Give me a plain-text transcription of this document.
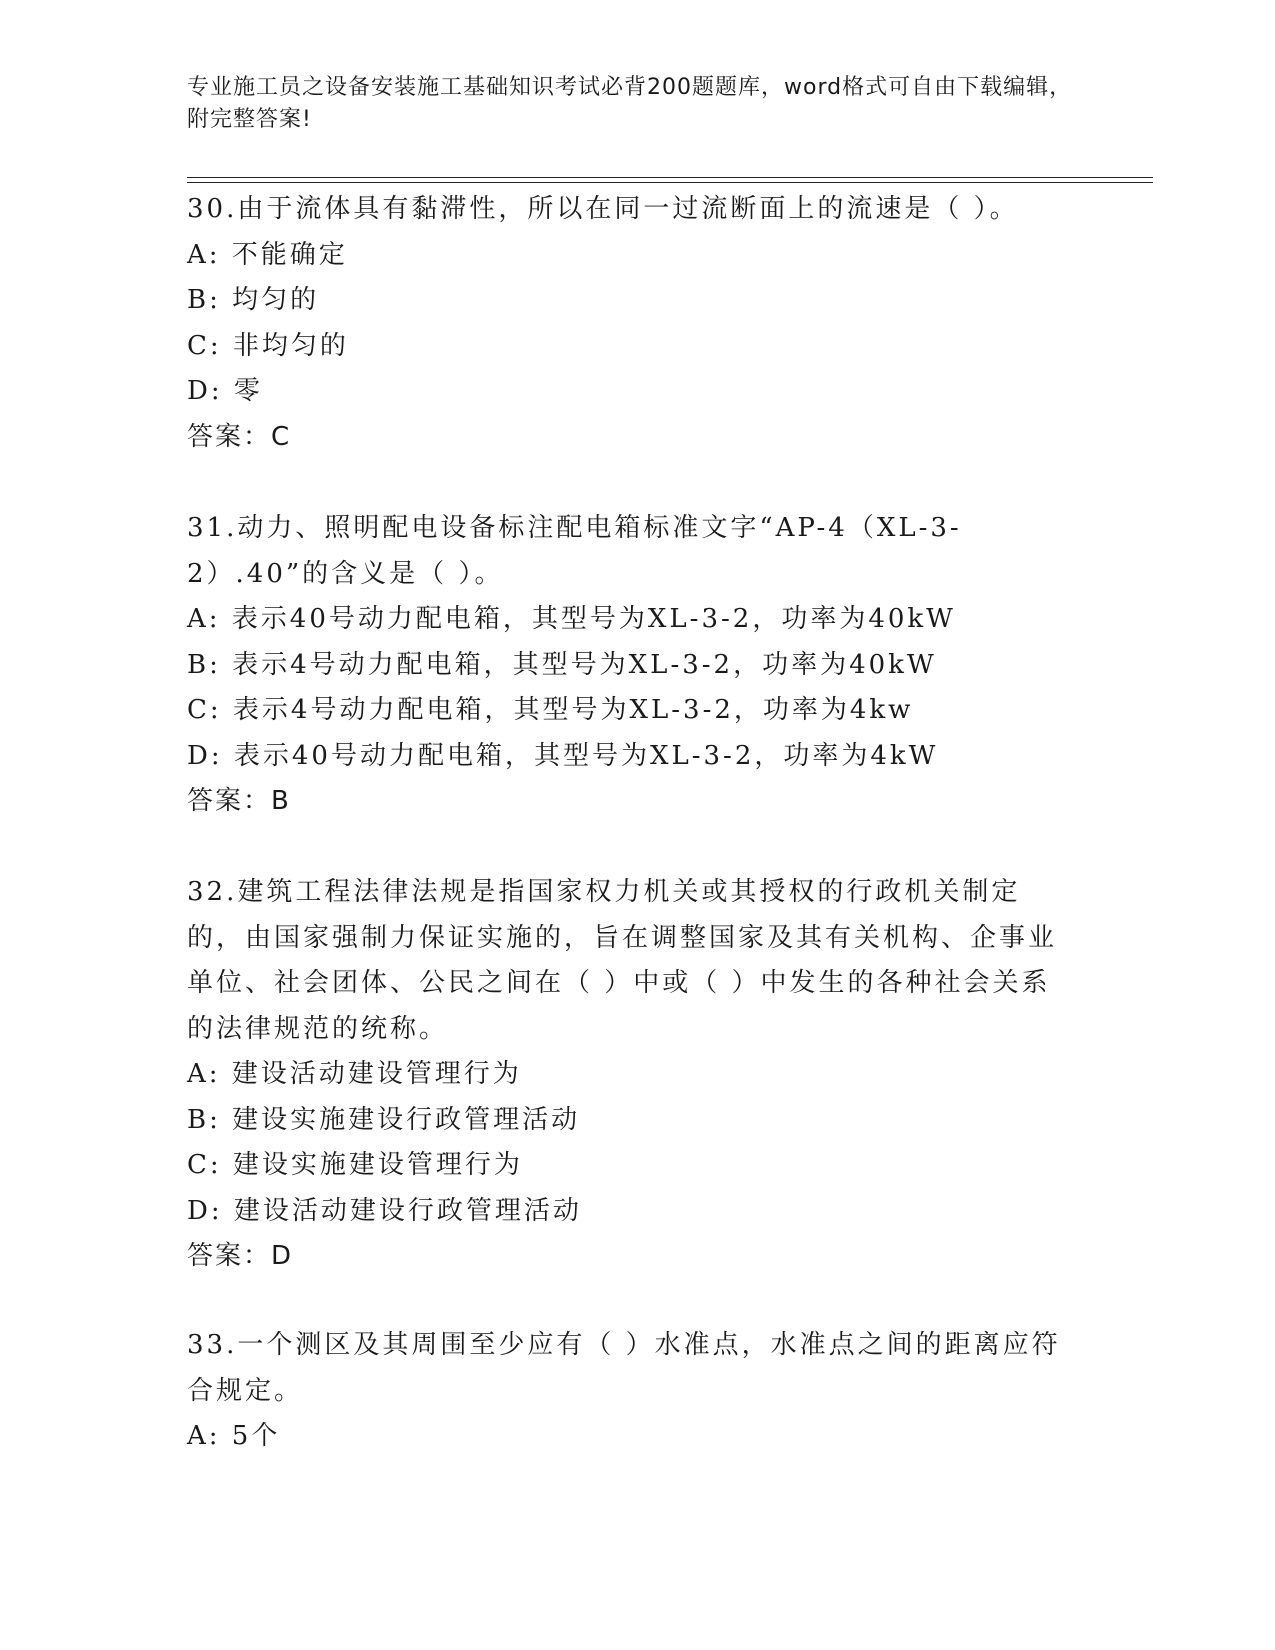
专业施工员之设备安装施工基础知识考试必背200题题库，word格式可自由下载编辑，附完整答案!

30.由于流体具有黏滞性，所以在同一过流断面上的流速是（ ）。

A: 不能确定

B: 均匀的

C: 非均匀的

D: 零

答案：C

31.动力、照明配电设备标注配电箱标准文字“AP-4（XL-3-2）.40”的含义是（ ）。

A: 表示40号动力配电箱，其型号为XL-3-2，功率为40kW

B: 表示4号动力配电箱，其型号为XL-3-2，功率为40kW

C: 表示4号动力配电箱，其型号为XL-3-2，功率为4kw

D: 表示40号动力配电箱，其型号为XL-3-2，功率为4kW

答案：B

32.建筑工程法律法规是指国家权力机关或其授权的行政机关制定的，由国家强制力保证实施的，旨在调整国家及其有关机构、企事业单位、社会团体、公民之间在（ ）中或（ ）中发生的各种社会关系的法律规范的统称。

A: 建设活动建设管理行为

B: 建设实施建设行政管理活动

C: 建设实施建设管理行为

D: 建设活动建设行政管理活动

答案：D

33.一个测区及其周围至少应有（ ）水准点，水准点之间的距离应符合规定。

A: 5个
